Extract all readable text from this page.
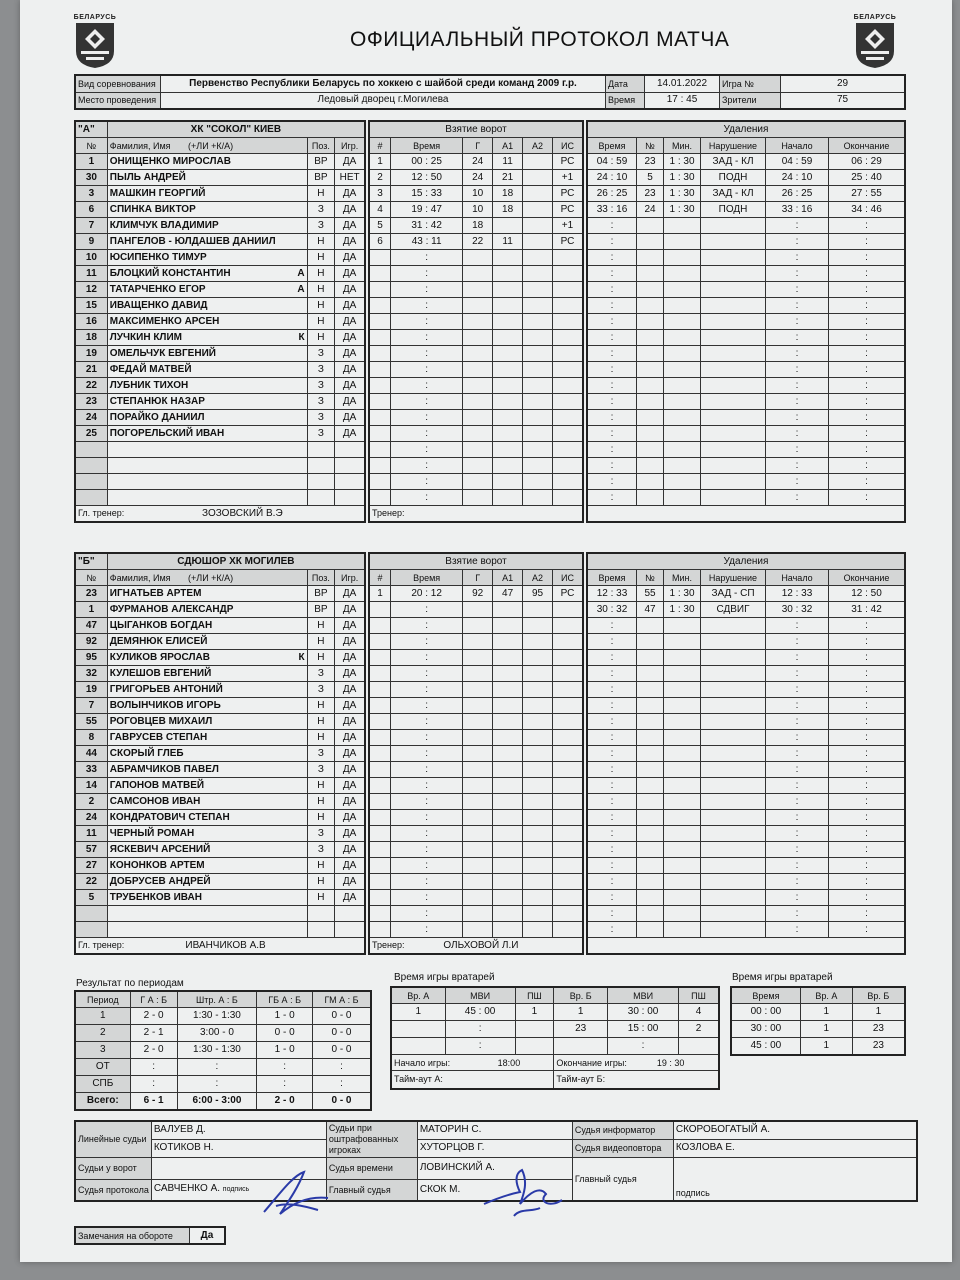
БЕЛАРУСЬ	БЕЛАРУСЬ
ОФИЦИАЛЬНЫЙ ПРОТОКОЛ МАТЧА
Вид соревнования	Первенство Республики Беларусь по хоккею с шайбой среди команд 2009 г.р.	Дата	14.01.2022	Игра №	29
Место проведения	Ледовый дворец г.Могилева	Время	17 : 45	Зрители	75
"А"	ХК "СОКОЛ" КИЕВ		
№	Фамилия, Имя (+ЛИ +К/А)	Поз.	Игр.
1	ОНИЩЕНКО МИРОСЛАВ	ВР	ДА
30	ПЫЛЬ АНДРЕЙ	ВР	НЕТ
3	МАШКИН ГЕОРГИЙ	Н	ДА
6	СПИНКА ВИКТОР	З	ДА
7	КЛИМЧУК ВЛАДИМИР	З	ДА
9	ПАНГЕЛОВ - ЮЛДАШЕВ ДАНИИЛ	Н	ДА
10	ЮСИПЕНКО ТИМУР	Н	ДА
11	БЛОЦКИЙ КОНСТАНТИН А	Н	ДА
12	ТАТАРЧЕНКО ЕГОР А	Н	ДА
15	ИВАЩЕНКО ДАВИД	Н	ДА
16	МАКСИМЕНКО АРСЕН	Н	ДА
18	ЛУЧКИН КЛИМ К	Н	ДА
19	ОМЕЛЬЧУК ЕВГЕНИЙ	З	ДА
21	ФЕДАЙ МАТВЕЙ	З	ДА
22	ЛУБНИК ТИХОН	З	ДА
23	СТЕПАНЮК НАЗАР	З	ДА
24	ПОРАЙКО ДАНИИЛ	З	ДА
25	ПОГОРЕЛЬСКИЙ ИВАН	З	ДА

Гл. тренер: ЗОЗОВСКИЙ В.Э			
Взятие ворот					
#	Время	Г	А1	А2	ИС
1	00 : 25	24	11		РС
2	12 : 50	24	21		+1
3	15 : 33	10	18		РС
4	19 : 47	10	18		РС
5	31 : 42	18			+1
6	43 : 11	22	11		РС
	:				
	:				
	:				
	:				
	:				
	:				
	:				
	:				
	:				
	:				
	:				
	:				
	:				
	:				
	:				
	:				
Тренер:					
Удаления					
Время	№	Мин.	Нарушение	Начало	Окончание
04 : 59	23	1 : 30	ЗАД - КЛ	04 : 59	06 : 29
24 : 10	5	1 : 30	ПОДН	24 : 10	25 : 40
26 : 25	23	1 : 30	ЗАД - КЛ	26 : 25	27 : 55
33 : 16	24	1 : 30	ПОДН	33 : 16	34 : 46
:				:	:
:				:	:
:				:	:
:				:	:
:				:	:
:				:	:
:				:	:
:				:	:
:				:	:
:				:	:
:				:	:
:				:	:
:				:	:
:				:	:
:				:	:
:				:	:
:				:	:
:				:	:

"Б"	СДЮШОР ХК МОГИЛЕВ		
№	Фамилия, Имя (+ЛИ +К/А)	Поз.	Игр.
23	ИГНАТЬЕВ АРТЕМ	ВР	ДА
1	ФУРМАНОВ АЛЕКСАНДР	ВР	ДА
47	ЦЫГАНКОВ БОГДАН	Н	ДА
92	ДЕМЯНЮК ЕЛИСЕЙ	Н	ДА
95	КУЛИКОВ ЯРОСЛАВ К	Н	ДА
32	КУЛЕШОВ ЕВГЕНИЙ	З	ДА
19	ГРИГОРЬЕВ АНТОНИЙ	З	ДА
7	ВОЛЫНЧИКОВ ИГОРЬ	Н	ДА
55	РОГОВЦЕВ МИХАИЛ	Н	ДА
8	ГАВРУСЕВ СТЕПАН	Н	ДА
44	СКОРЫЙ ГЛЕБ	З	ДА
33	АБРАМЧИКОВ ПАВЕЛ	З	ДА
14	ГАПОНОВ МАТВЕЙ	Н	ДА
2	САМСОНОВ ИВАН	Н	ДА
24	КОНДРАТОВИЧ СТЕПАН	Н	ДА
11	ЧЕРНЫЙ РОМАН	З	ДА
57	ЯСКЕВИЧ АРСЕНИЙ	З	ДА
27	КОНОНКОВ АРТЕМ	Н	ДА
22	ДОБРУСЕВ АНДРЕЙ	Н	ДА
5	ТРУБЕНКОВ ИВАН	Н	ДА

Гл. тренер: ИВАНЧИКОВ А.В			
Взятие ворот					
#	Время	Г	А1	А2	ИС
1	20 : 12	92	47	95	РС
	:				
	:				
	:				
	:				
	:				
	:				
	:				
	:				
	:				
	:				
	:				
	:				
	:				
	:				
	:				
	:				
	:				
	:				
	:				
	:				
	:				
Тренер: ОЛЬХОВОЙ Л.И					
Удаления					
Время	№	Мин.	Нарушение	Начало	Окончание
12 : 33	55	1 : 30	ЗАД - СП	12 : 33	12 : 50
30 : 32	47	1 : 30	СДВИГ	30 : 32	31 : 42
:				:	:
:				:	:
:				:	:
:				:	:
:				:	:
:				:	:
:				:	:
:				:	:
:				:	:
:				:	:
:				:	:
:				:	:
:				:	:
:				:	:
:				:	:
:				:	:
:				:	:
:				:	:
:				:	:
:				:	:

Результат по периодам
Период	Г А : Б	Штр. А : Б	ГБ А : Б	ГМ А : Б
1	2 - 0	1:30 - 1:30	1 - 0	0 - 0
2	2 - 1	3:00 - 0	0 - 0	0 - 0
3	2 - 0	1:30 - 1:30	1 - 0	0 - 0
ОТ	:	:	:	:
СПБ	:	:	:	:
Всего:	6 - 1	6:00 - 3:00	2 - 0	0 - 0
Время игры вратарей
Вр. А	МВИ	ПШ	Вр. Б	МВИ	ПШ
1	45 : 00	1	1	30 : 00	4
	:		23	15 : 00	2
	:			:	
Начало игры: 18:00			Окончание игры: 19 : 30		
Тайм-аут А:			Тайм-аут Б:		
Время игры вратарей
Время	Вр. А	Вр. Б
00 : 00	1	1
30 : 00	1	23
45 : 00	1	23
Линейные судьи	ВАЛУЕВ Д.	Судьи при оштрафованных игроках	МАТОРИН С.	Судья информатор	СКОРОБОГАТЫЙ А.
	КОТИКОВ Н.		ХУТОРЦОВ Г.	Судья видеоповтора	КОЗЛОВА Е.
Судьи у ворот		Судья времени	ЛОВИНСКИЙ А.	Главный судья	подпись
Судья протокола	САВЧЕНКО А. подпись	Главный судья	СКОК М.		
Замечания на обороте	Да
